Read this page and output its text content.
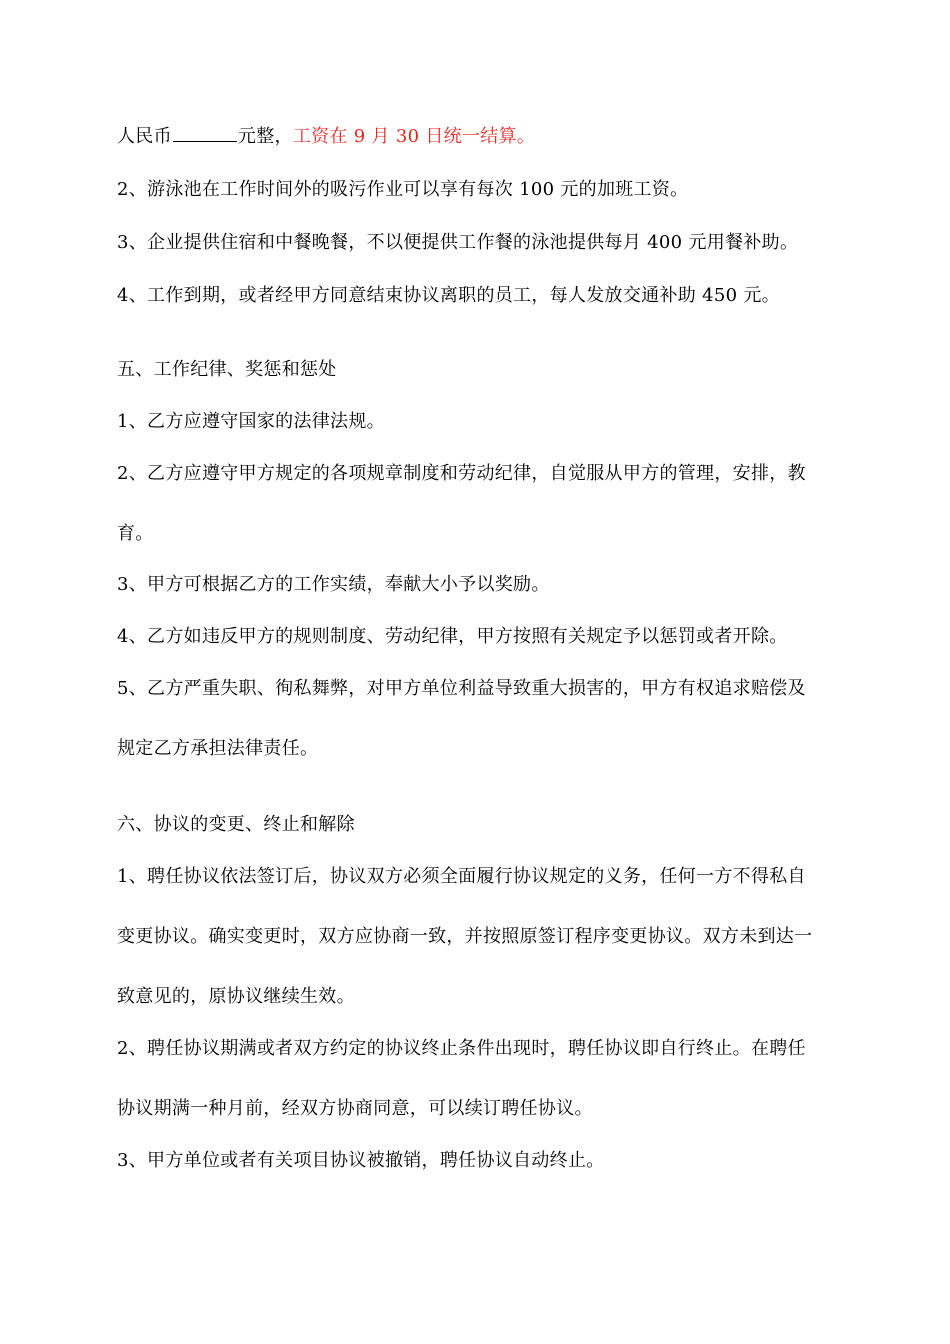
人民币	元整，工资在 9 月 30 日统一结算。
2、游泳池在工作时间外的吸污作业可以享有每次 100 元的加班工资。
3、企业提供住宿和中餐晚餐，不以便提供工作餐的泳池提供每月 400 元用餐补助。
4、工作到期，或者经甲方同意结束协议离职的员工，每人发放交通补助 450 元。
五、工作纪律、奖惩和惩处
1、乙方应遵守国家的法律法规。
2、乙方应遵守甲方规定的各项规章制度和劳动纪律，自觉服从甲方的管理，安排，教
育。
3、甲方可根据乙方的工作实绩，奉献大小予以奖励。
4、乙方如违反甲方的规则制度、劳动纪律，甲方按照有关规定予以惩罚或者开除。
5、乙方严重失职、徇私舞弊，对甲方单位利益导致重大损害的，甲方有权追求赔偿及
规定乙方承担法律责任。
六、协议的变更、终止和解除
1、聘任协议依法签订后，协议双方必须全面履行协议规定的义务，任何一方不得私自
变更协议。确实变更时，双方应协商一致，并按照原签订程序变更协议。双方未到达一
致意见的，原协议继续生效。
2、聘任协议期满或者双方约定的协议终止条件出现时，聘任协议即自行终止。在聘任
协议期满一种月前，经双方协商同意，可以续订聘任协议。
3、甲方单位或者有关项目协议被撤销，聘任协议自动终止。
